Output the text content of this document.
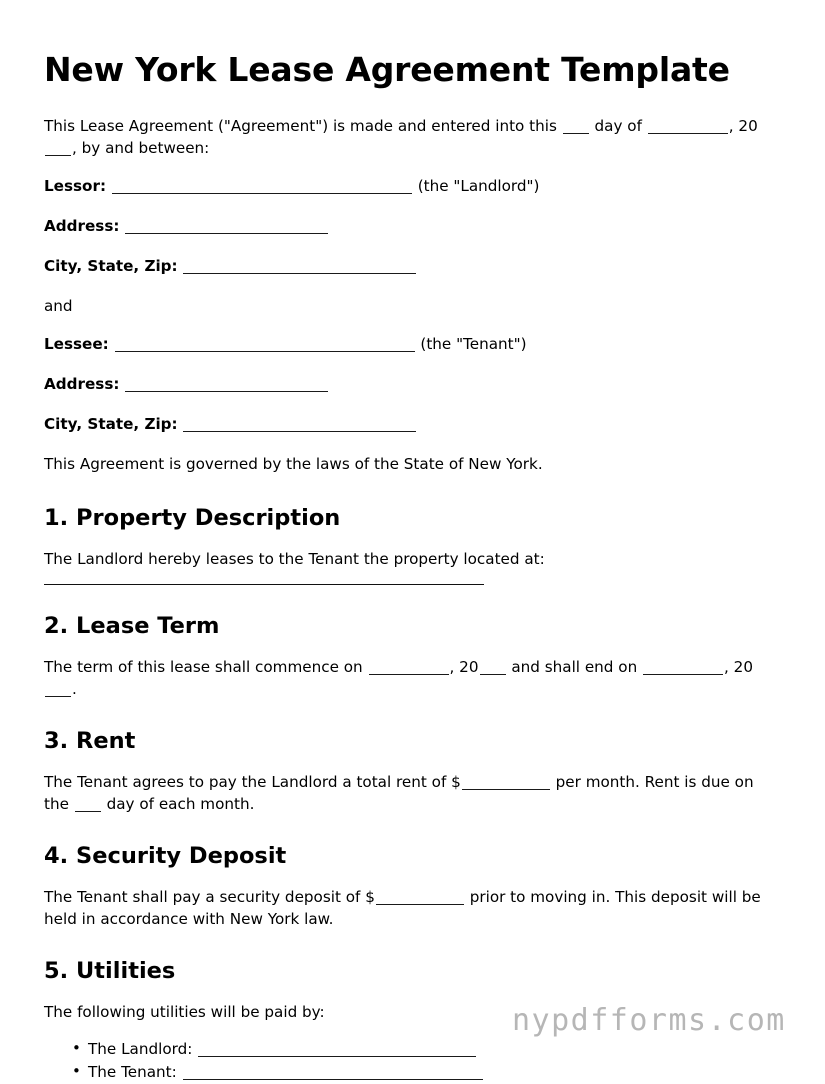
New York Lease Agreement Template

This Lease Agreement ("Agreement") is made and entered into this day of	, 20, by and between:

Lessor:	(the "Landlord")
Address:
City, State, Zip:

and

Lessee:	(the "Tenant")
Address:
City, State, Zip:

This Agreement is governed by the laws of the State of New York.

1. Property Description

The Landlord hereby leases to the Tenant the property located at:

2. Lease Term

The term of this lease shall commence on	, 20 and shall end on	, 20.

3. Rent

The Tenant agrees to pay the Landlord a total rent of $	per month. Rent is due on the day of each month.

4. Security Deposit

The Tenant shall pay a security deposit of $	prior to moving in. This deposit will be held in accordance with New York law.

5. Utilities

The following utilities will be paid by:

• The Landlord:
• The Tenant:
nypdfforms.com
